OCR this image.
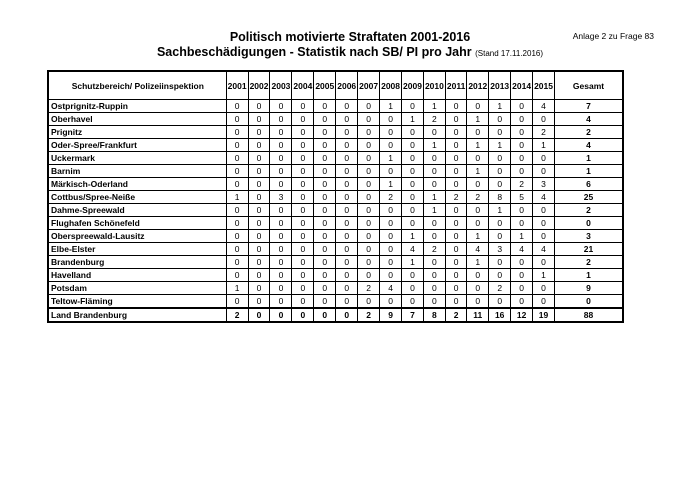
Politisch motivierte Straftaten 2001-2016
Sachbeschädigungen - Statistik nach SB/ PI pro Jahr (Stand 17.11.2016)
Anlage 2 zu Frage 83
Schutzbereich/ Polizeiinspektion	2001	2002	2003	2004	2005	2006	2007	2008	2009	2010	2011	2012	2013	2014	2015	Gesamt
Ostprignitz-Ruppin	0	0	0	0	0	0	0	1	0	1	0	0	1	0	4	7
Oberhavel	0	0	0	0	0	0	0	0	1	2	0	1	0	0	0	4
Prignitz	0	0	0	0	0	0	0	0	0	0	0	0	0	0	2	2
Oder-Spree/Frankfurt	0	0	0	0	0	0	0	0	0	1	0	1	1	0	1	4
Uckermark	0	0	0	0	0	0	0	1	0	0	0	0	0	0	0	1
Barnim	0	0	0	0	0	0	0	0	0	0	0	1	0	0	0	1
Märkisch-Oderland	0	0	0	0	0	0	0	1	0	0	0	0	0	2	3	6
Cottbus/Spree-Neiße	1	0	3	0	0	0	0	2	0	1	2	2	8	5	4	25
Dahme-Spreewald	0	0	0	0	0	0	0	0	0	1	0	0	1	0	0	2
Flughafen Schönefeld	0	0	0	0	0	0	0	0	0	0	0	0	0	0	0	0
Oberspreewald-Lausitz	0	0	0	0	0	0	0	0	1	0	0	1	0	1	0	3
Elbe-Elster	0	0	0	0	0	0	0	0	4	2	0	4	3	4	4	21
Brandenburg	0	0	0	0	0	0	0	0	1	0	0	1	0	0	0	2
Havelland	0	0	0	0	0	0	0	0	0	0	0	0	0	0	1	1
Potsdam	1	0	0	0	0	0	2	4	0	0	0	0	2	0	0	9
Teltow-Fläming	0	0	0	0	0	0	0	0	0	0	0	0	0	0	0	0
Land Brandenburg	2	0	0	0	0	0	2	9	7	8	2	11	16	12	19	88
